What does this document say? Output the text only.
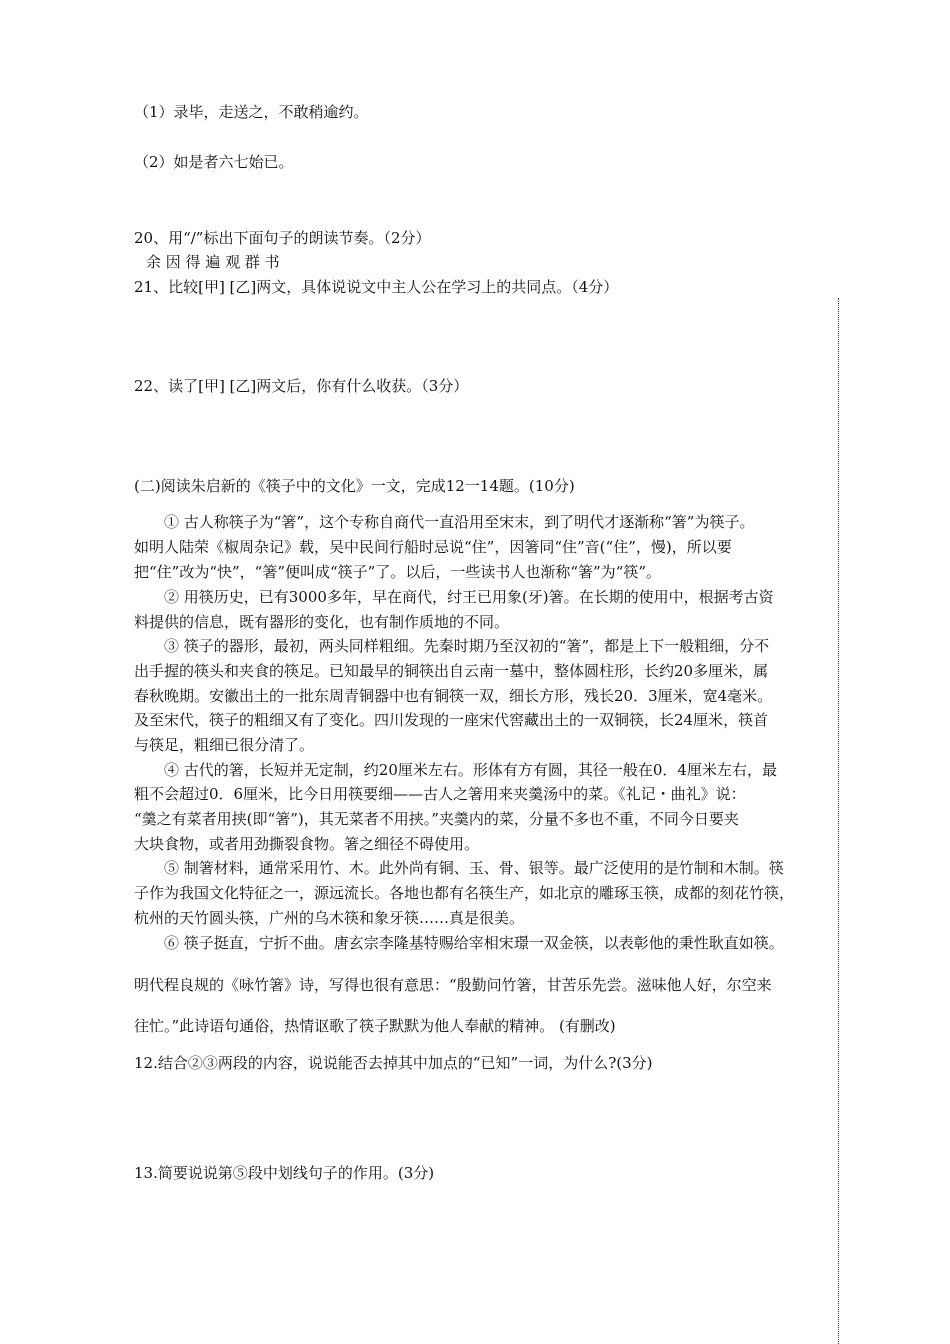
（1）录毕，走送之，不敢稍逾约。
（2）如是者六七始已。
20、用“/”标出下面句子的朗读节奏。（2分）
余 因 得 遍 观 群 书
21、比较[甲] [乙]两文，具体说说文中主人公在学习上的共同点。（4分）
22、读了[甲] [乙]两文后，你有什么收获。（3分）
(二)阅读朱启新的《筷子中的文化》一文，完成12一14题。(10分)
① 古人称筷子为“箸”，这个专称自商代一直沿用至宋末，到了明代才逐渐称“箸”为筷子。
如明人陆荣《椒周杂记》载，吴中民间行船时忌说“住”，因箸同“住”音(“住”，慢)，所以要
把“住”改为“快”，“箸”便叫成“筷子”了。以后，一些读书人也渐称“箸”为“筷”。
② 用筷历史，已有3000多年，早在商代，纣王已用象(牙)箸。在长期的使用中，根据考古资
料提供的信息，既有器形的变化，也有制作质地的不同。
③ 筷子的器形，最初，两头同样粗细。先秦时期乃至汉初的“箸”，都是上下一般粗细，分不
出手握的筷头和夹食的筷足。已知最早的铜筷出自云南一墓中，整体圆柱形，长约20多厘米，属
春秋晚期。安徽出土的一批东周青铜器中也有铜筷一双，细长方形，残长20．3厘米，宽4毫米。
及至宋代，筷子的粗细又有了变化。四川发现的一座宋代窖藏出土的一双铜筷，长24厘米，筷首
与筷足，粗细已很分清了。
④ 古代的箸，长短并无定制，约20厘米左右。形体有方有圆，其径一般在0．4厘米左右，最
粗不会超过0．6厘米，比今日用筷要细——古人之箸用来夹羹汤中的菜。《礼记・曲礼》说：
“羹之有菜者用挟(即“箸”)，其无菜者不用挟。”夹羹内的菜，分量不多也不重，不同今日要夹
大块食物，或者用劲撕裂食物。箸之细径不碍使用。
⑤ 制箸材料，通常采用竹、木。此外尚有铜、玉、骨、银等。最广泛使用的是竹制和木制。筷
子作为我国文化特征之一，源远流长。各地也都有名筷生产，如北京的雕琢玉筷，成都的刻花竹筷，
杭州的天竹圆头筷，广州的乌木筷和象牙筷……真是很美。
⑥ 筷子挺直，宁折不曲。唐玄宗李隆基特赐给宰相宋璟一双金筷，以表彰他的秉性耿直如筷。
明代程良规的《咏竹箸》诗，写得也很有意思：“殷勤问竹箸，甘苦乐先尝。滋味他人好，尔空来
往忙。”此诗语句通俗，热情讴歌了筷子默默为他人奉献的精神。 (有删改)
12.结合②③两段的内容，说说能否去掉其中加点的“已知”一词，为什么?(3分)
13.简要说说第⑤段中划线句子的作用。(3分)
